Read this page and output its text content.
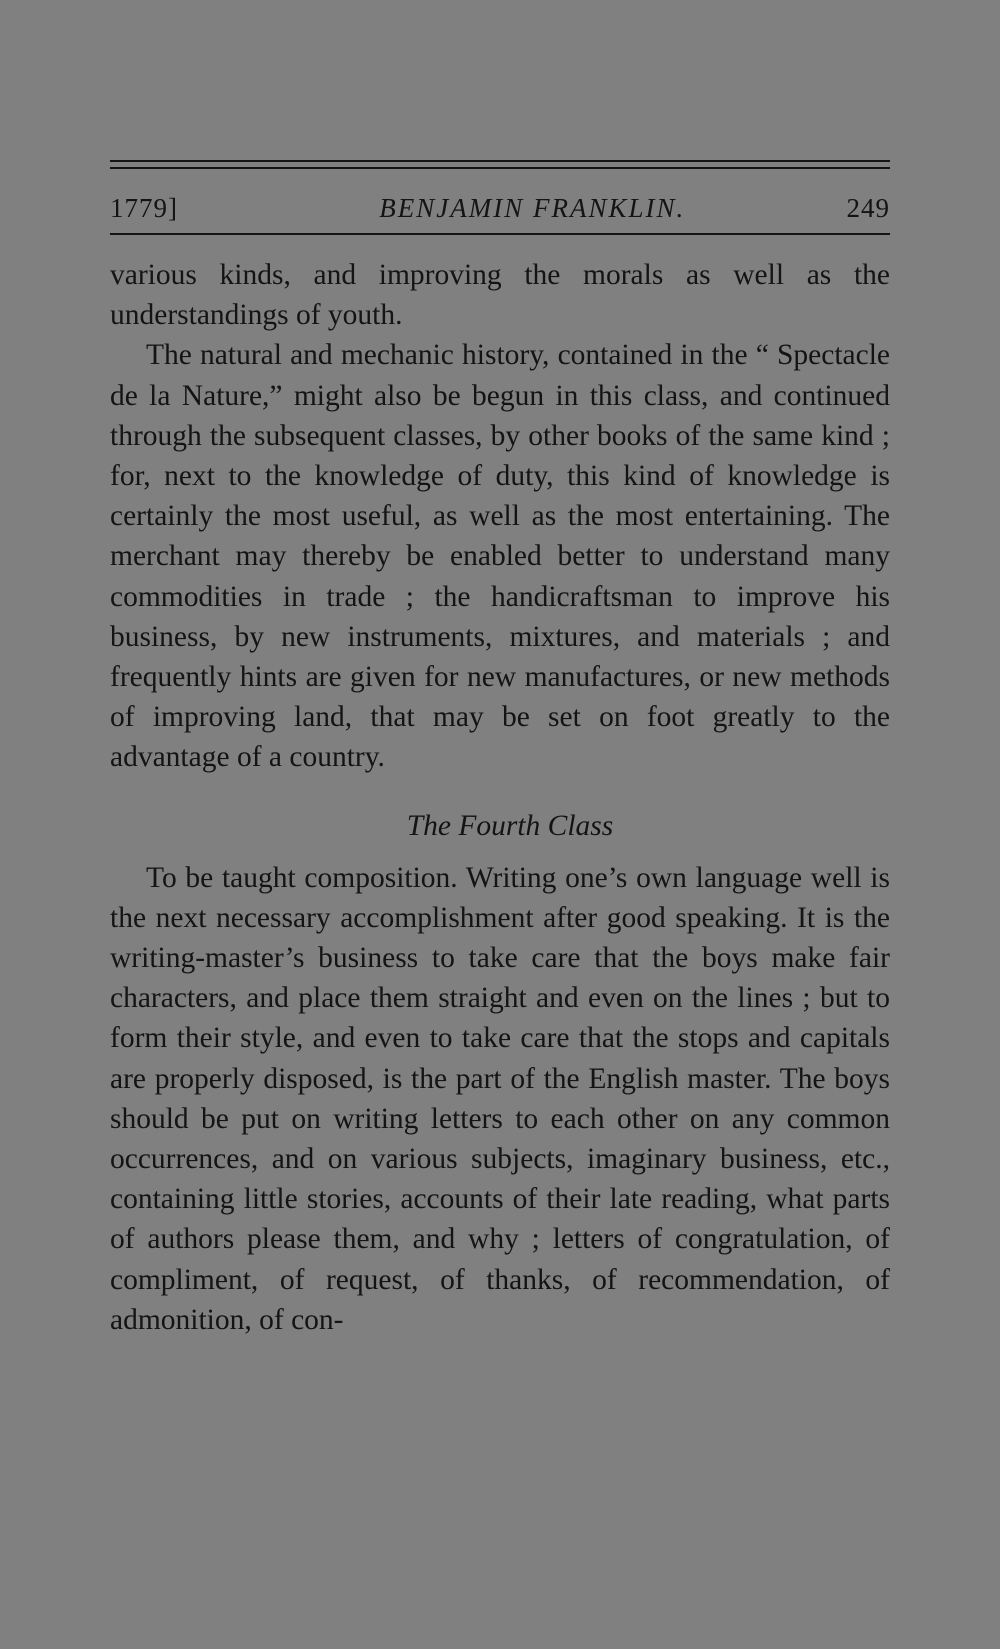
1779]	BENJAMIN FRANKLIN.	249

various kinds, and improving the morals as well as the understandings of youth.

The natural and mechanic history, contained in the “ Spectacle de la Nature,” might also be begun in this class, and continued through the subsequent classes, by other books of the same kind ; for, next to the knowledge of duty, this kind of knowledge is certainly the most useful, as well as the most entertaining. The merchant may thereby be enabled better to understand many commodities in trade ; the handicraftsman to improve his business, by new instruments, mixtures, and materials ; and frequently hints are given for new manufactures, or new methods of improving land, that may be set on foot greatly to the advantage of a country.

The Fourth Class

To be taught composition. Writing one’s own language well is the next necessary accomplishment after good speaking. It is the writing-master’s business to take care that the boys make fair characters, and place them straight and even on the lines ; but to form their style, and even to take care that the stops and capitals are properly disposed, is the part of the English master. The boys should be put on writing letters to each other on any common occurrences, and on various subjects, imaginary business, etc., containing little stories, accounts of their late reading, what parts of authors please them, and why ; letters of congratulation, of compliment, of request, of thanks, of recommendation, of admonition, of con-
